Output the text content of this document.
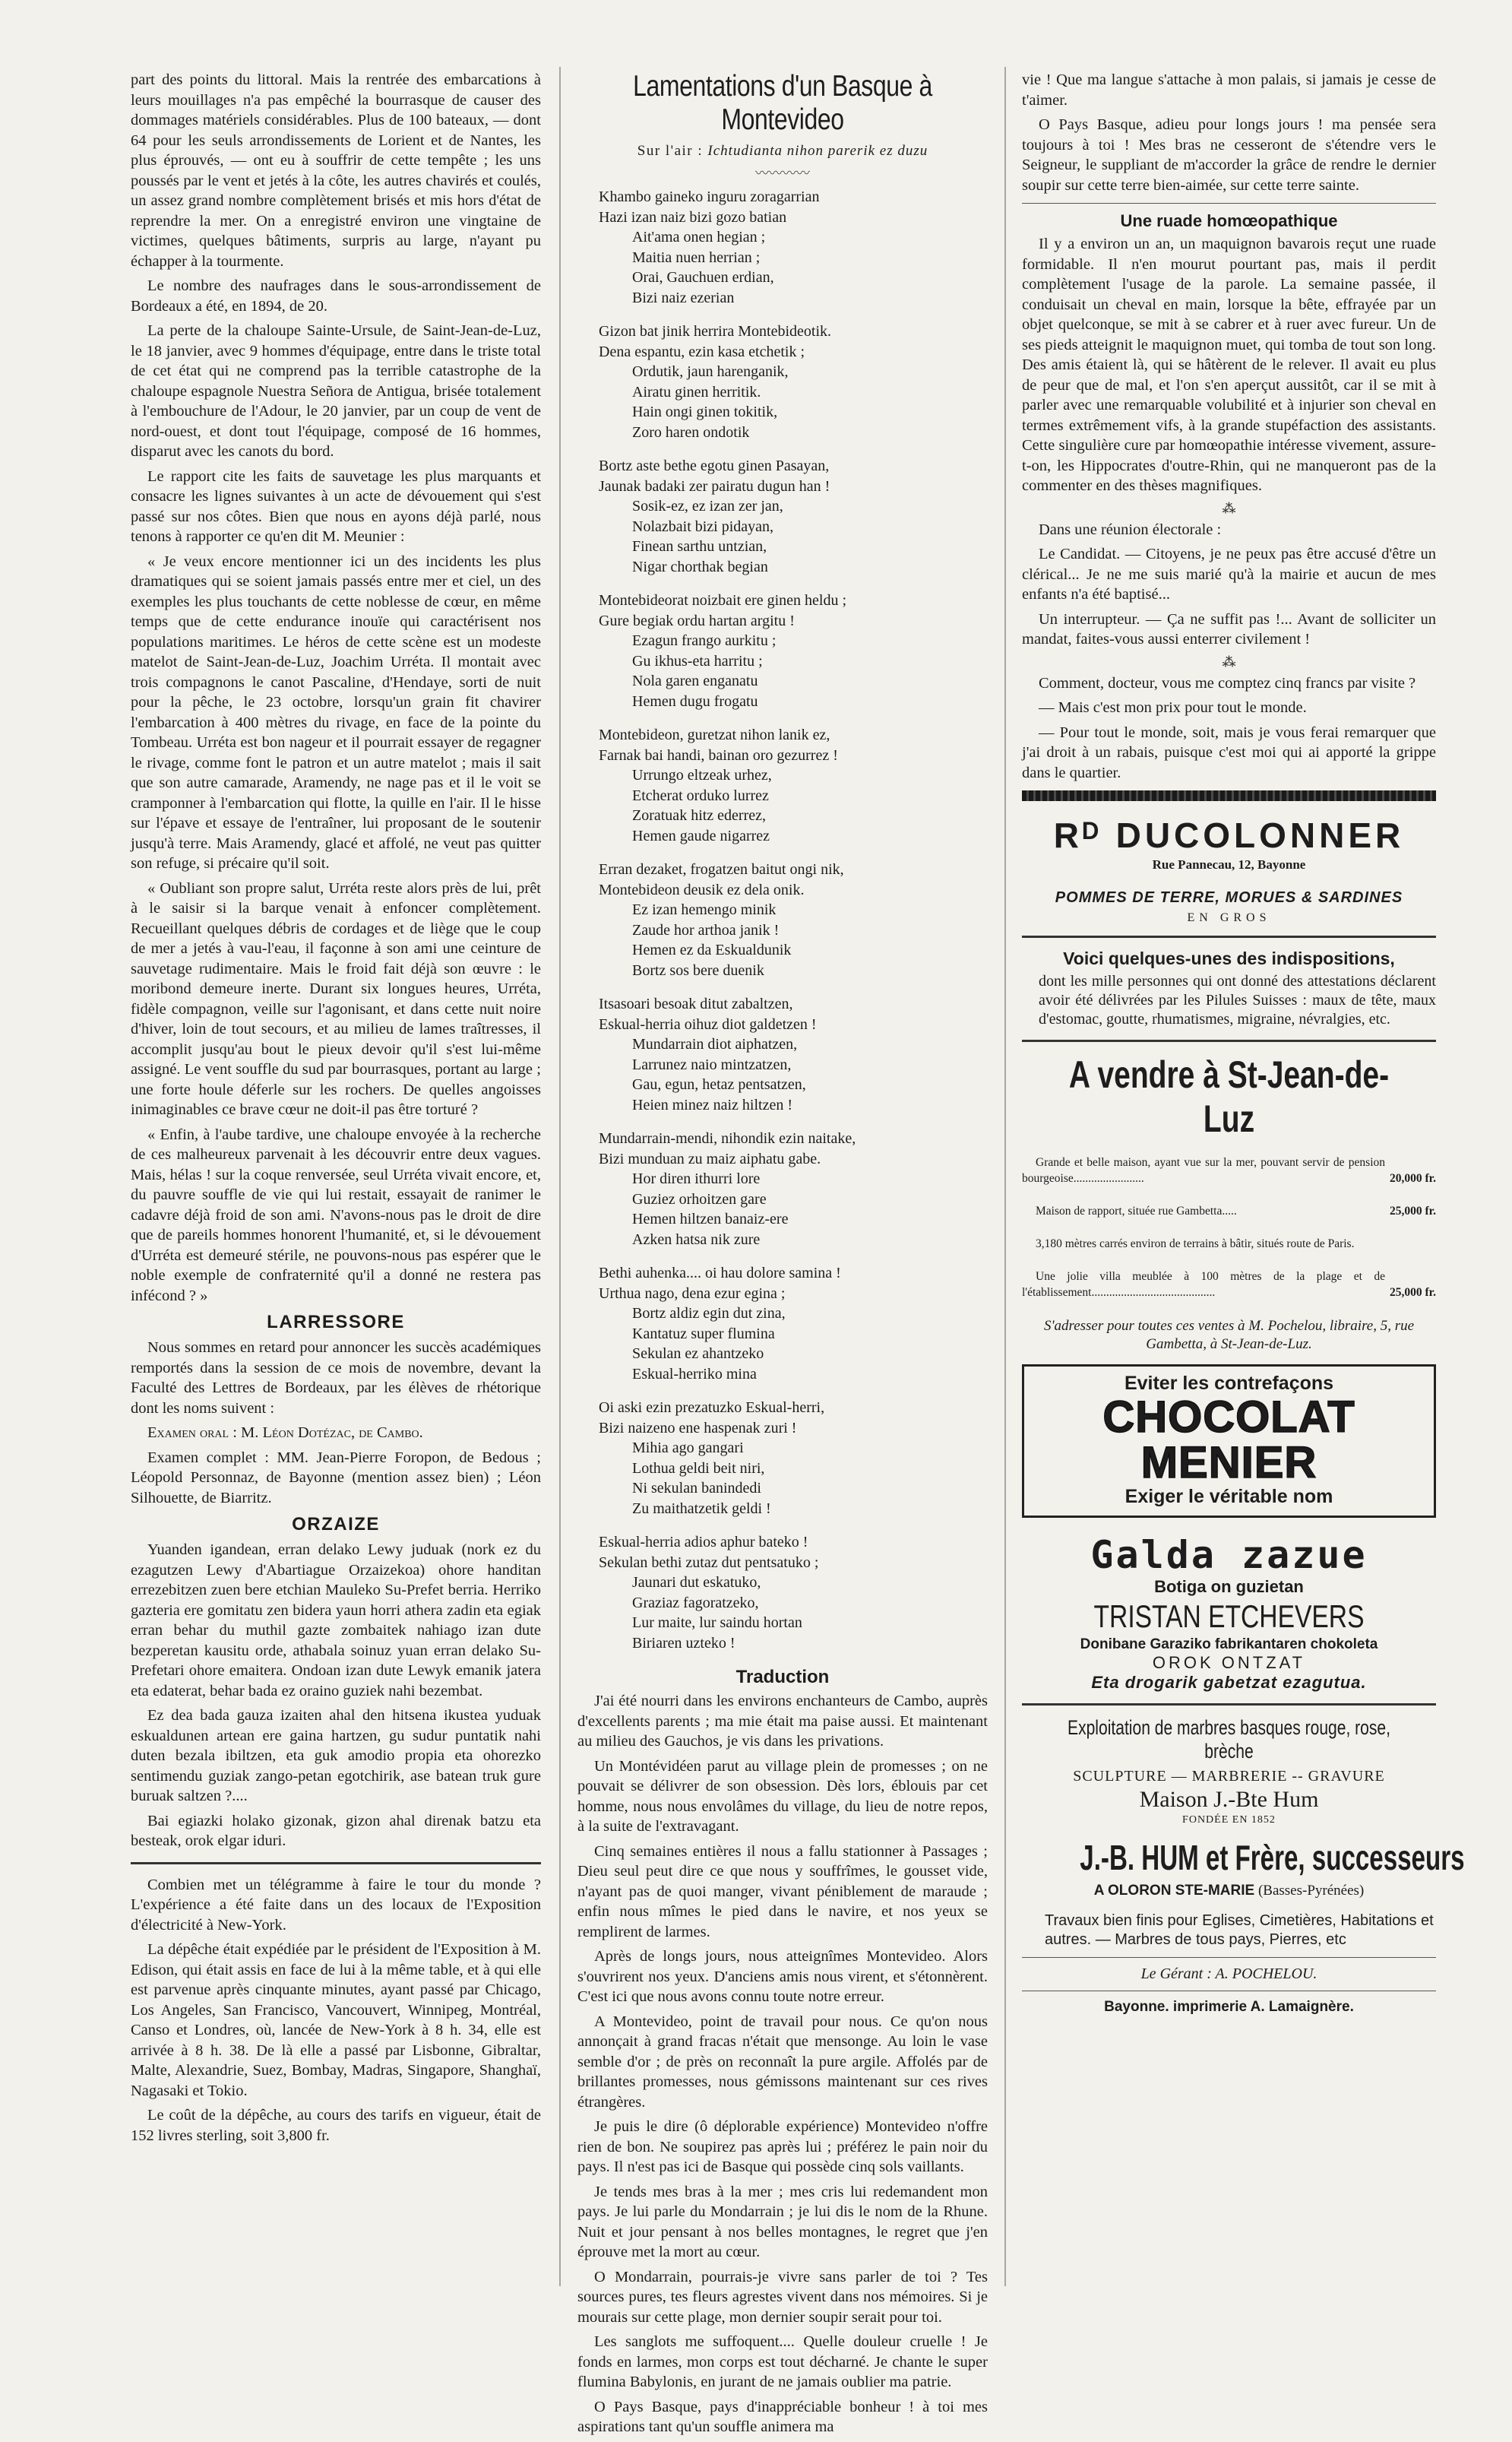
part des points du littoral. Mais la rentrée des embarcations à leurs mouillages n'a pas empêché la bourrasque de causer des dommages matériels considérables. Plus de 100 bateaux, — dont 64 pour les seuls arrondissements de Lorient et de Nantes, les plus éprouvés, — ont eu à souffrir de cette tempête ; les uns poussés par le vent et jetés à la côte, les autres chavirés et coulés, un assez grand nombre complètement brisés et mis hors d'état de reprendre la mer. On a enregistré environ une vingtaine de victimes, quelques bâtiments, surpris au large, n'ayant pu échapper à la tourmente.

Le nombre des naufrages dans le sous-arrondissement de Bordeaux a été, en 1894, de 20.

La perte de la chaloupe Sainte-Ursule, de Saint-Jean-de-Luz, le 18 janvier, avec 9 hommes d'équipage, entre dans le triste total de cet état qui ne comprend pas la terrible catastrophe de la chaloupe espagnole Nuestra Señora de Antigua, brisée totalement à l'embouchure de l'Adour, le 20 janvier, par un coup de vent de nord-ouest, et dont tout l'équipage, composé de 16 hommes, disparut avec les canots du bord.

Le rapport cite les faits de sauvetage les plus marquants et consacre les lignes suivantes à un acte de dévouement qui s'est passé sur nos côtes. Bien que nous en ayons déjà parlé, nous tenons à rapporter ce qu'en dit M. Meunier :

« Je veux encore mentionner ici un des incidents les plus dramatiques qui se soient jamais passés entre mer et ciel, un des exemples les plus touchants de cette noblesse de cœur, en même temps que de cette endurance inouïe qui caractérisent nos populations maritimes. Le héros de cette scène est un modeste matelot de Saint-Jean-de-Luz, Joachim Urréta. Il montait avec trois compagnons le canot Pascaline, d'Hendaye, sorti de nuit pour la pêche, le 23 octobre, lorsqu'un grain fit chavirer l'embarcation à 400 mètres du rivage, en face de la pointe du Tombeau. Urréta est bon nageur et il pourrait essayer de regagner le rivage, comme font le patron et un autre matelot ; mais il sait que son autre camarade, Aramendy, ne nage pas et il le voit se cramponner à l'embarcation qui flotte, la quille en l'air. Il le hisse sur l'épave et essaye de l'entraîner, lui proposant de le soutenir jusqu'à terre. Mais Aramendy, glacé et affolé, ne veut pas quitter son refuge, si précaire qu'il soit.

« Oubliant son propre salut, Urréta reste alors près de lui, prêt à le saisir si la barque venait à enfoncer complètement. Recueillant quelques débris de cordages et de liège que le coup de mer a jetés à vau-l'eau, il façonne à son ami une ceinture de sauvetage rudimentaire. Mais le froid fait déjà son œuvre : le moribond demeure inerte. Durant six longues heures, Urréta, fidèle compagnon, veille sur l'agonisant, et dans cette nuit noire d'hiver, loin de tout secours, et au milieu de lames traîtresses, il accomplit jusqu'au bout le pieux devoir qu'il s'est lui-même assigné. Le vent souffle du sud par bourrasques, portant au large ; une forte houle déferle sur les rochers. De quelles angoisses inimaginables ce brave cœur ne doit-il pas être torturé ?

« Enfin, à l'aube tardive, une chaloupe envoyée à la recherche de ces malheureux parvenait à les découvrir entre deux vagues. Mais, hélas ! sur la coque renversée, seul Urréta vivait encore, et, du pauvre souffle de vie qui lui restait, essayait de ranimer le cadavre déjà froid de son ami. N'avons-nous pas le droit de dire que de pareils hommes honorent l'humanité, et, si le dévouement d'Urréta est demeuré stérile, ne pouvons-nous pas espérer que le noble exemple de confraternité qu'il a donné ne restera pas infécond ? »

LARRESSORE

Nous sommes en retard pour annoncer les succès académiques remportés dans la session de ce mois de novembre, devant la Faculté des Lettres de Bordeaux, par les élèves de rhétorique dont les noms suivent :

Examen oral : M. Léon Dotézac, de Cambo.

Examen complet : MM. Jean-Pierre Foropon, de Bedous ; Léopold Personnaz, de Bayonne (mention assez bien) ; Léon Silhouette, de Biarritz.

ORZAIZE

Yuanden igandean, erran delako Lewy juduak (nork ez du ezagutzen Lewy d'Abartiague Orzaizekoa) ohore handitan errezebitzen zuen bere etchian Mauleko Su-Prefet berria. Herriko gazteria ere gomitatu zen bidera yaun horri athera zadin eta egiak erran behar du muthil gazte zombaitek nahiago izan dute bezperetan kausitu orde, athabala soinuz yuan erran delako Su-Prefetari ohore emaitera. Ondoan izan dute Lewyk emanik jatera eta edaterat, behar bada ez oraino guziek nahi bezembat.

Ez dea bada gauza izaiten ahal den hitsena ikustea yuduak eskualdunen artean ere gaina hartzen, gu sudur puntatik nahi duten bezala ibiltzen, eta guk amodio propia eta ohorezko sentimendu guziak zango-petan egotchirik, ase batean truk gure buruak saltzen ?....

Bai egiazki holako gizonak, gizon ahal direnak batzu eta besteak, orok elgar iduri.

Combien met un télégramme à faire le tour du monde ? L'expérience a été faite dans un des locaux de l'Exposition d'électricité à New-York.

La dépêche était expédiée par le président de l'Exposition à M. Edison, qui était assis en face de lui à la même table, et à qui elle est parvenue après cinquante minutes, ayant passé par Chicago, Los Angeles, San Francisco, Vancouvert, Winnipeg, Montréal, Canso et Londres, où, lancée de New-York à 8 h. 34, elle est arrivée à 8 h. 38. De là elle a passé par Lisbonne, Gibraltar, Malte, Alexandrie, Suez, Bombay, Madras, Singapore, Shanghaï, Nagasaki et Tokio.

Le coût de la dépêche, au cours des tarifs en vigueur, était de 152 livres sterling, soit 3,800 fr.

Lamentations d'un Basque à Montevideo
Sur l'air : Ichtudianta nihon parerik ez duzu
〰〰〰〰
Khambo gaineko inguru zoragarrian
Hazi izan naiz bizi gozo batian
Ait'ama onen hegian ;
Maitia nuen herrian ;
Orai, Gauchuen erdian,
Bizi naiz ezerian
Gizon bat jinik herrira Montebideotik.
Dena espantu, ezin kasa etchetik ;
Ordutik, jaun harenganik,
Airatu ginen herritik.
Hain ongi ginen tokitik,
Zoro haren ondotik
Bortz aste bethe egotu ginen Pasayan,
Jaunak badaki zer pairatu dugun han !
Sosik-ez, ez izan zer jan,
Nolazbait bizi pidayan,
Finean sarthu untzian,
Nigar chorthak begian
Montebideorat noizbait ere ginen heldu ;
Gure begiak ordu hartan argitu !
Ezagun frango aurkitu ;
Gu ikhus-eta harritu ;
Nola garen enganatu
Hemen dugu frogatu
Montebideon, guretzat nihon lanik ez,
Farnak bai handi, bainan oro gezurrez !
Urrungo eltzeak urhez,
Etcherat orduko lurrez
Zoratuak hitz ederrez,
Hemen gaude nigarrez
Erran dezaket, frogatzen baitut ongi nik,
Montebideon deusik ez dela onik.
Ez izan hemengo minik
Zaude hor arthoa janik !
Hemen ez da Eskualdunik
Bortz sos bere duenik
Itsasoari besoak ditut zabaltzen,
Eskual-herria oihuz diot galdetzen !
Mundarrain diot aiphatzen,
Larrunez naio mintzatzen,
Gau, egun, hetaz pentsatzen,
Heien minez naiz hiltzen !
Mundarrain-mendi, nihondik ezin naitake,
Bizi munduan zu maiz aiphatu gabe.
Hor diren ithurri lore
Guziez orhoitzen gare
Hemen hiltzen banaiz-ere
Azken hatsa nik zure
Bethi auhenka.... oi hau dolore samina !
Urthua nago, dena ezur egina ;
Bortz aldiz egin dut zina,
Kantatuz super flumina
Sekulan ez ahantzeko
Eskual-herriko mina
Oi aski ezin prezatuzko Eskual-herri,
Bizi naizeno ene haspenak zuri !
Mihia ago gangari
Lothua geldi beit niri,
Ni sekulan banindedi
Zu maithatzetik geldi !
Eskual-herria adios aphur bateko !
Sekulan bethi zutaz dut pentsatuko ;
Jaunari dut eskatuko,
Graziaz fagoratzeko,
Lur maite, lur saindu hortan
Biriaren uzteko !
Traduction

J'ai été nourri dans les environs enchanteurs de Cambo, auprès d'excellents parents ; ma mie était ma paise aussi. Et maintenant au milieu des Gauchos, je vis dans les privations.

Un Montévidéen parut au village plein de promesses ; on ne pouvait se délivrer de son obsession. Dès lors, éblouis par cet homme, nous nous envolâmes du village, du lieu de notre repos, à la suite de l'extravagant.

Cinq semaines entières il nous a fallu stationner à Passages ; Dieu seul peut dire ce que nous y souffrîmes, le gousset vide, n'ayant pas de quoi manger, vivant péniblement de maraude ; enfin nous mîmes le pied dans le navire, et nos yeux se remplirent de larmes.

Après de longs jours, nous atteignîmes Montevideo. Alors s'ouvrirent nos yeux. D'anciens amis nous virent, et s'étonnèrent. C'est ici que nous avons connu toute notre erreur.

A Montevideo, point de travail pour nous. Ce qu'on nous annonçait à grand fracas n'était que mensonge. Au loin le vase semble d'or ; de près on reconnaît la pure argile. Affolés par de brillantes promesses, nous gémissons maintenant sur ces rives étrangères.

Je puis le dire (ô déplorable expérience) Montevideo n'offre rien de bon. Ne soupirez pas après lui ; préférez le pain noir du pays. Il n'est pas ici de Basque qui possède cinq sols vaillants.

Je tends mes bras à la mer ; mes cris lui redemandent mon pays. Je lui parle du Mondarrain ; je lui dis le nom de la Rhune. Nuit et jour pensant à nos belles montagnes, le regret que j'en éprouve met la mort au cœur.

O Mondarrain, pourrais-je vivre sans parler de toi ? Tes sources pures, tes fleurs agrestes vivent dans nos mémoires. Si je mourais sur cette plage, mon dernier soupir serait pour toi.

Les sanglots me suffoquent.... Quelle douleur cruelle ! Je fonds en larmes, mon corps est tout décharné. Je chante le super flumina Babylonis, en jurant de ne jamais oublier ma patrie.

O Pays Basque, pays d'inappréciable bonheur ! à toi mes aspirations tant qu'un souffle animera ma

vie ! Que ma langue s'attache à mon palais, si jamais je cesse de t'aimer.

O Pays Basque, adieu pour longs jours ! ma pensée sera toujours à toi ! Mes bras ne cesseront de s'étendre vers le Seigneur, le suppliant de m'accorder la grâce de rendre le dernier soupir sur cette terre bien-aimée, sur cette terre sainte.

Une ruade homœopathique

Il y a environ un an, un maquignon bavarois reçut une ruade formidable. Il n'en mourut pourtant pas, mais il perdit complètement l'usage de la parole. La semaine passée, il conduisait un cheval en main, lorsque la bête, effrayée par un objet quelconque, se mit à se cabrer et à ruer avec fureur. Un de ses pieds atteignit le maquignon muet, qui tomba de tout son long. Des amis étaient là, qui se hâtèrent de le relever. Il avait eu plus de peur que de mal, et l'on s'en aperçut aussitôt, car il se mit à parler avec une remarquable volubilité et à injurier son cheval en termes extrêmement vifs, à la grande stupéfaction des assistants. Cette singulière cure par homœopathie intéresse vivement, assure-t-on, les Hippocrates d'outre-Rhin, qui ne manqueront pas de la commenter en des thèses magnifiques.

⁂

Dans une réunion électorale :

Le Candidat. — Citoyens, je ne peux pas être accusé d'être un clérical... Je ne me suis marié qu'à la mairie et aucun de mes enfants n'a été baptisé...

Un interrupteur. — Ça ne suffit pas !... Avant de solliciter un mandat, faites-vous aussi enterrer civilement !

⁂

Comment, docteur, vous me comptez cinq francs par visite ?

— Mais c'est mon prix pour tout le monde.

— Pour tout le monde, soit, mais je vous ferai remarquer que j'ai droit à un rabais, puisque c'est moi qui ai apporté la grippe dans le quartier.

Rᴰ DUCOLONNER
Rue Pannecau, 12, Bayonne
POMMES DE TERRE, MORUES & SARDINES
EN GROS
Voici quelques-unes des indispositions,

dont les mille personnes qui ont donné des attestations déclarent avoir été délivrées par les Pilules Suisses : maux de tête, maux d'estomac, goutte, rhumatismes, migraine, névralgies, etc.

A vendre à St-Jean-de-Luz
Grande et belle maison, ayant vue sur la mer, pouvant servir de pension bourgeoise........................	20,000 fr.
Maison de rapport, située rue Gambetta.....	25,000 fr.
3,180 mètres carrés environ de terrains à bâtir, situés route de Paris.
Une jolie villa meublée à 100 mètres de la plage et de l'établissement..........................................	25,000 fr.
S'adresser pour toutes ces ventes à M. Pochelou, libraire, 5, rue Gambetta, à St-Jean-de-Luz.
Eviter les contrefaçons
CHOCOLAT
MENIER
Exiger le véritable nom
Galda zazue
Botiga on guzietan
TRISTAN ETCHEVERS
Donibane Garaziko fabrikantaren chokoleta
OROK ONTZAT
Eta drogarik gabetzat ezagutua.
Exploitation de marbres basques rouge, rose, brèche
SCULPTURE — MARBRERIE -- GRAVURE
Maison J.-Bte Hum
FONDÉE EN 1852
J.-B. HUM et Frère, successeurs
A OLORON STE-MARIE (Basses-Pyrénées)
Travaux bien finis pour Eglises, Cimetières, Habitations et autres. — Marbres de tous pays, Pierres, etc
Le Gérant : A. POCHELOU.
Bayonne. imprimerie A. Lamaignère.
